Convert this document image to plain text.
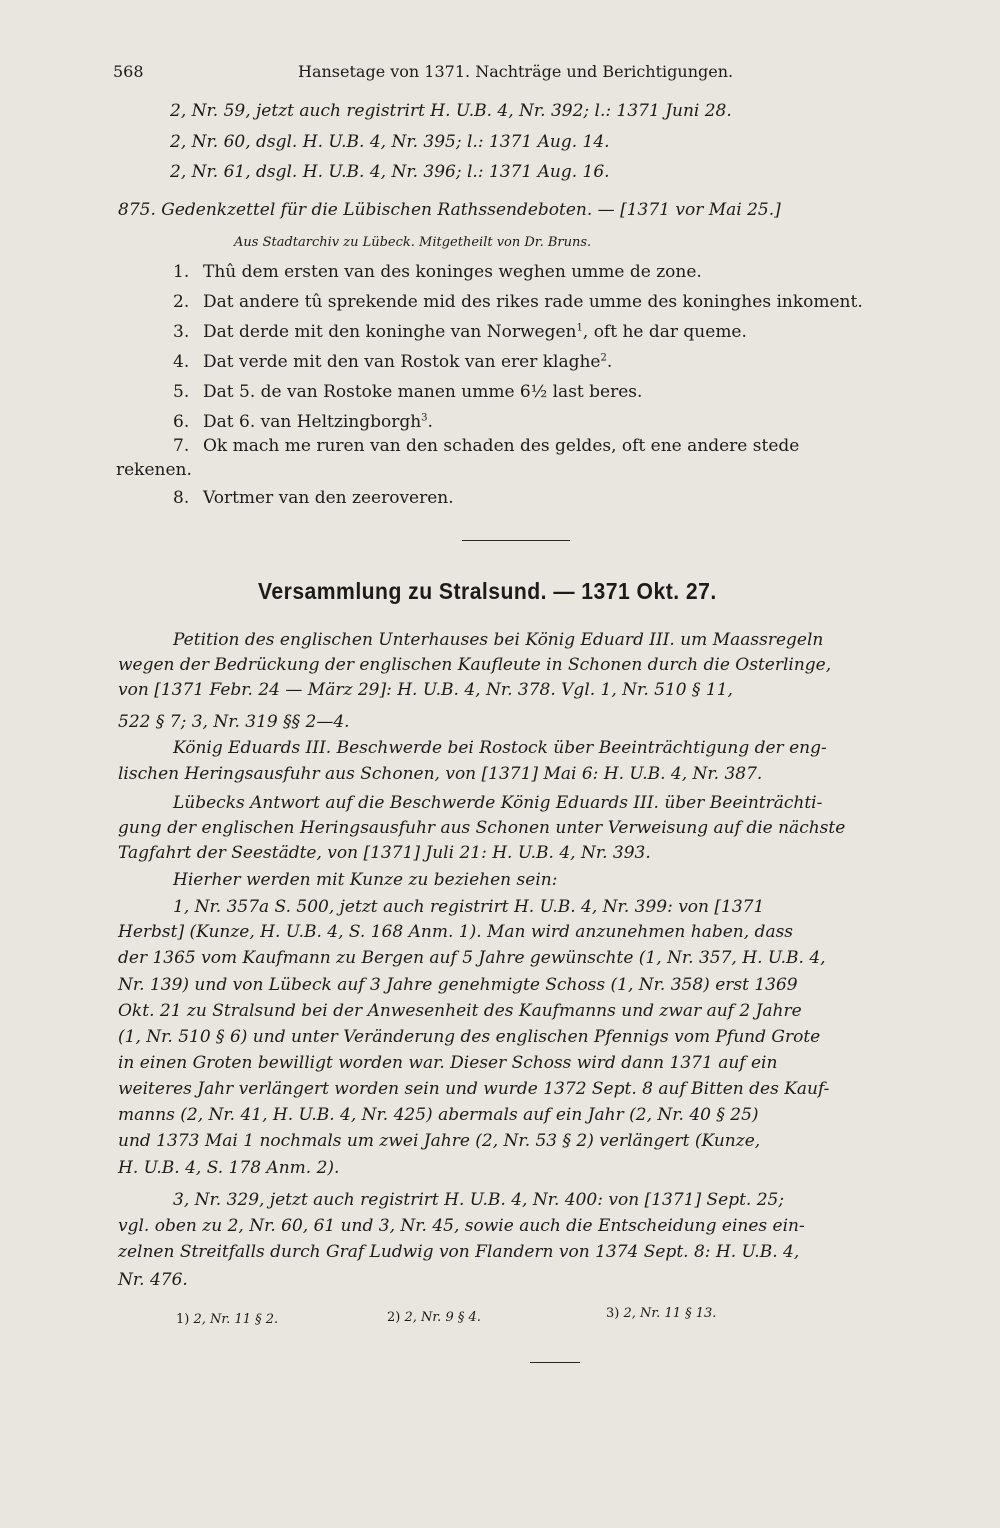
568	Hansetage von 1371. Nachträge und Berichtigungen.
2, Nr. 59, jetzt auch registrirt H. U.B. 4, Nr. 392; l.: 1371 Juni 28.
2, Nr. 60, dsgl. H. U.B. 4, Nr. 395; l.: 1371 Aug. 14.
2, Nr. 61, dsgl. H. U.B. 4, Nr. 396; l.: 1371 Aug. 16.
875. Gedenkzettel für die Lübischen Rathssendeboten. — [1371 vor Mai 25.]
Aus Stadtarchiv zu Lübeck. Mitgetheilt von Dr. Bruns.
1. Thû dem ersten van des koninges weghen umme de zone.
2. Dat andere tû sprekende mid des rikes rade umme des koninghes inkoment.
3. Dat derde mit den koninghe van Norwegen$^1$, oft he dar queme.
4. Dat verde mit den van Rostok van erer klaghe$^2$.
5. Dat 5. de van Rostoke manen umme 6½ last beres.
6. Dat 6. van Heltzingborgh$^3$.
7. Ok mach me ruren van den schaden des geldes, oft ene andere stede
rekenen.
8. Vortmer van den zeeroveren.
Versammlung zu Stralsund. — 1371 Okt. 27.
Petition des englischen Unterhauses bei König Eduard III. um Maassregeln
wegen der Bedrückung der englischen Kaufleute in Schonen durch die Osterlinge,
von [1371 Febr. 24 — März 29]: H. U.B. 4, Nr. 378. Vgl. 1, Nr. 510 § 11,
522 § 7; 3, Nr. 319 §§ 2—4.
König Eduards III. Beschwerde bei Rostock über Beeinträchtigung der eng-
lischen Heringsausfuhr aus Schonen, von [1371] Mai 6: H. U.B. 4, Nr. 387.
Lübecks Antwort auf die Beschwerde König Eduards III. über Beeinträchti-
gung der englischen Heringsausfuhr aus Schonen unter Verweisung auf die nächste
Tagfahrt der Seestädte, von [1371] Juli 21: H. U.B. 4, Nr. 393.
Hierher werden mit Kunze zu beziehen sein:
1, Nr. 357a S. 500, jetzt auch registrirt H. U.B. 4, Nr. 399: von [1371
Herbst] (Kunze, H. U.B. 4, S. 168 Anm. 1). Man wird anzunehmen haben, dass
der 1365 vom Kaufmann zu Bergen auf 5 Jahre gewünschte (1, Nr. 357, H. U.B. 4,
Nr. 139) und von Lübeck auf 3 Jahre genehmigte Schoss (1, Nr. 358) erst 1369
Okt. 21 zu Stralsund bei der Anwesenheit des Kaufmanns und zwar auf 2 Jahre
(1, Nr. 510 § 6) und unter Veränderung des englischen Pfennigs vom Pfund Grote
in einen Groten bewilligt worden war. Dieser Schoss wird dann 1371 auf ein
weiteres Jahr verlängert worden sein und wurde 1372 Sept. 8 auf Bitten des Kauf-
manns (2, Nr. 41, H. U.B. 4, Nr. 425) abermals auf ein Jahr (2, Nr. 40 § 25)
und 1373 Mai 1 nochmals um zwei Jahre (2, Nr. 53 § 2) verlängert (Kunze,
H. U.B. 4, S. 178 Anm. 2).
3, Nr. 329, jetzt auch registrirt H. U.B. 4, Nr. 400: von [1371] Sept. 25;
vgl. oben zu 2, Nr. 60, 61 und 3, Nr. 45, sowie auch die Entscheidung eines ein-
zelnen Streitfalls durch Graf Ludwig von Flandern von 1374 Sept. 8: H. U.B. 4,
Nr. 476.
1) 2, Nr. 11 § 2.	2) 2, Nr. 9 § 4.	3) 2, Nr. 11 § 13.
